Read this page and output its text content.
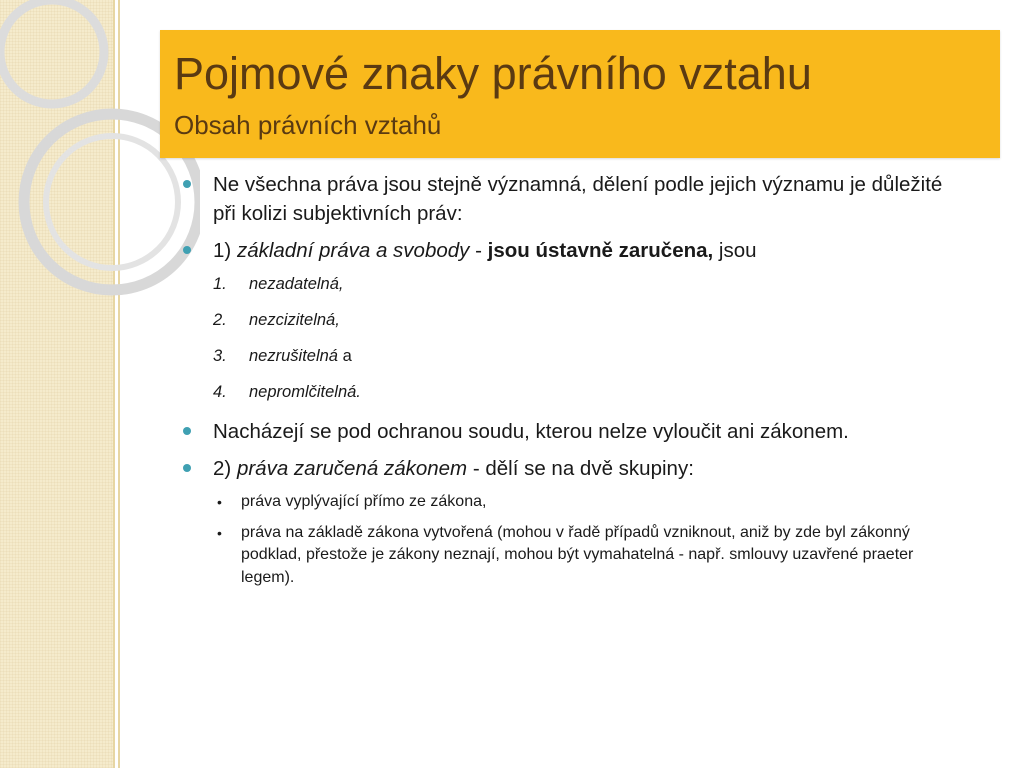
Pojmové znaky právního vztahu
Obsah právních vztahů
Ne všechna práva jsou stejně významná, dělení podle jejich významu je důležité při kolizi subjektivních práv:
1) základní práva a svobody - jsou ústavně zaručena, jsou
1. nezadatelná,
2. nezcizitelná,
3. nezrušitelná a
4. nepromlčitelná.
Nacházejí se pod ochranou soudu, kterou nelze vyloučit ani zákonem.
2) práva zaručená zákonem - dělí se na dvě skupiny:
• práva vyplývající přímo ze zákona,
• práva na základě zákona vytvořená (mohou v řadě případů vzniknout, aniž by zde byl zákonný podklad, přestože je zákony neznají, mohou být vymahatelná - např. smlouvy uzavřené praeter legem).
